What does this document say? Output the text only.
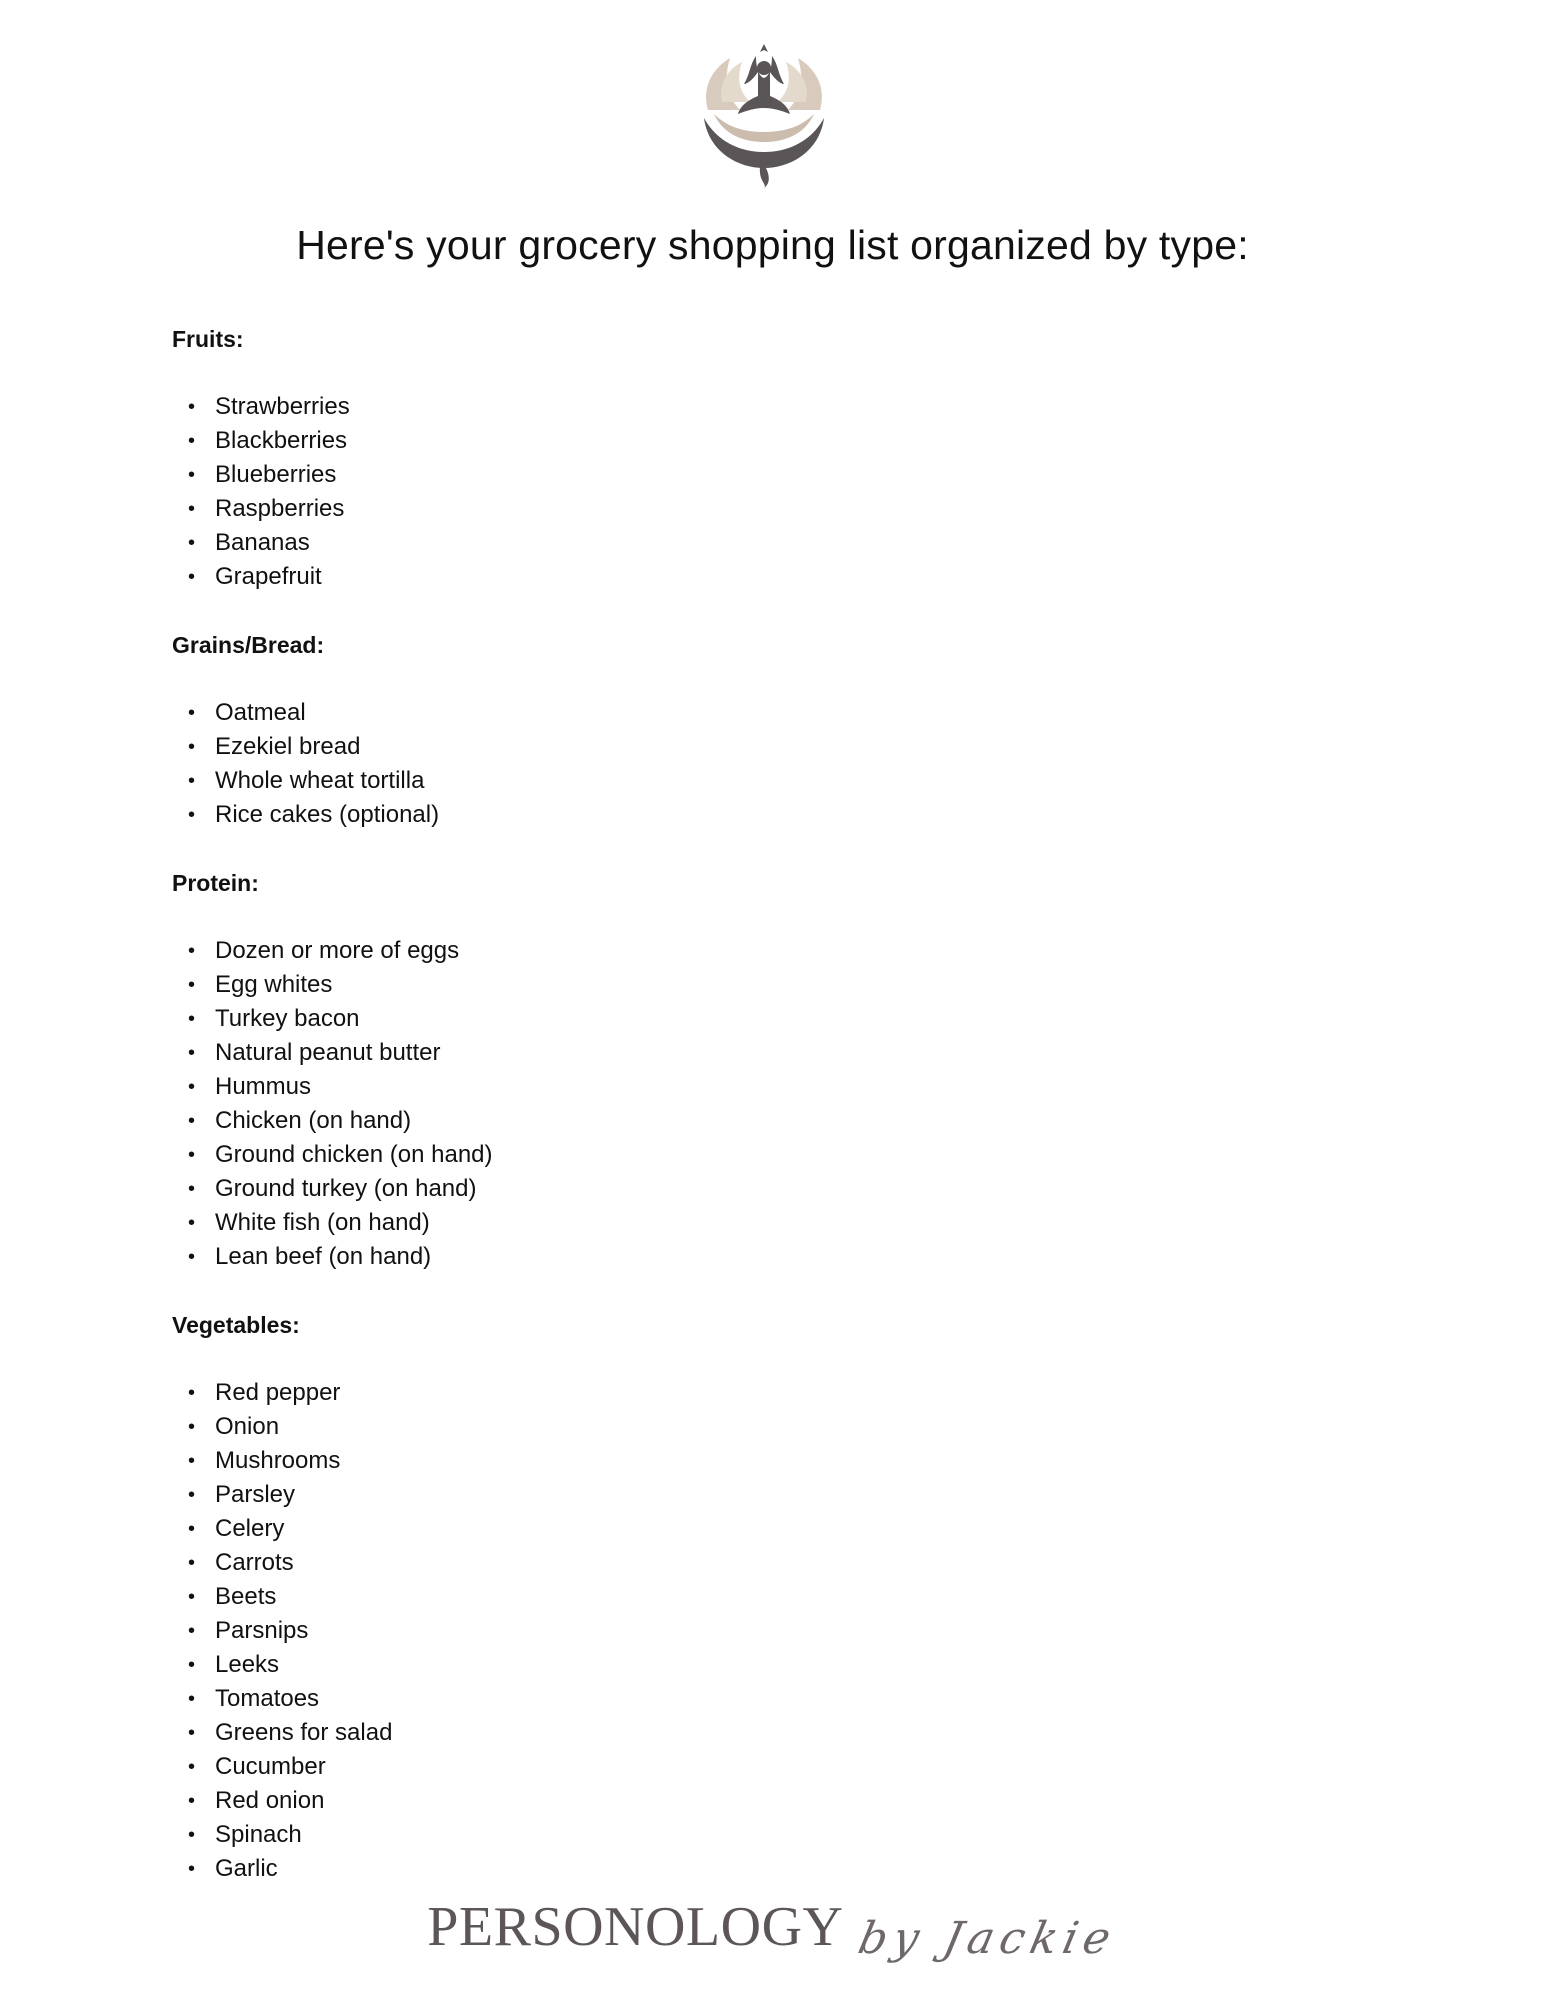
Here's your grocery shopping list organized by type:
Fruits:
• Strawberries
• Blackberries
• Blueberries
• Raspberries
• Bananas
• Grapefruit
Grains/Bread:
• Oatmeal
• Ezekiel bread
• Whole wheat tortilla
• Rice cakes (optional)
Protein:
• Dozen or more of eggs
• Egg whites
• Turkey bacon
• Natural peanut butter
• Hummus
• Chicken (on hand)
• Ground chicken (on hand)
• Ground turkey (on hand)
• White fish (on hand)
• Lean beef (on hand)
Vegetables:
• Red pepper
• Onion
• Mushrooms
• Parsley
• Celery
• Carrots
• Beets
• Parsnips
• Leeks
• Tomatoes
• Greens for salad
• Cucumber
• Red onion
• Spinach
• Garlic
PERSONOLOGY by Jackie
